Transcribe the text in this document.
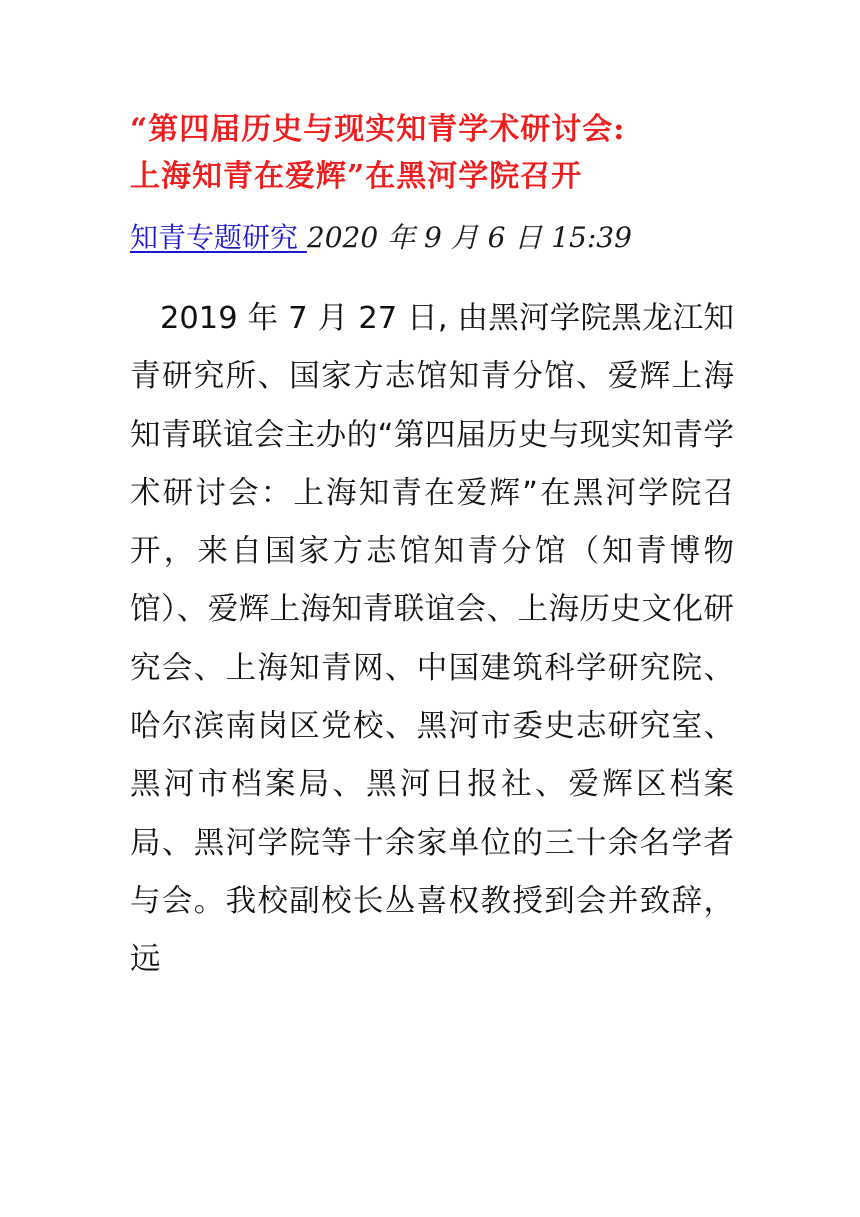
“第四届历史与现实知青学术研讨会:
上海知青在爱辉”在黑河学院召开
知青专题研究 2020 年 9 月 6 日 15:39

2019 年 7 月 27 日, 由黑河学院黑龙江知青研究所、国家方志馆知青分馆、爱辉上海知青联谊会主办的“第四届历史与现实知青学术研讨会：上海知青在爱辉”在黑河学院召开，来自国家方志馆知青分馆（知青博物馆）、爱辉上海知青联谊会、上海历史文化研究会、上海知青网、中国建筑科学研究院、哈尔滨南岗区党校、黑河市委史志研究室、黑河市档案局、黑河日报社、爱辉区档案局、黑河学院等十余家单位的三十余名学者与会。我校副校长丛喜权教授到会并致辞，远
